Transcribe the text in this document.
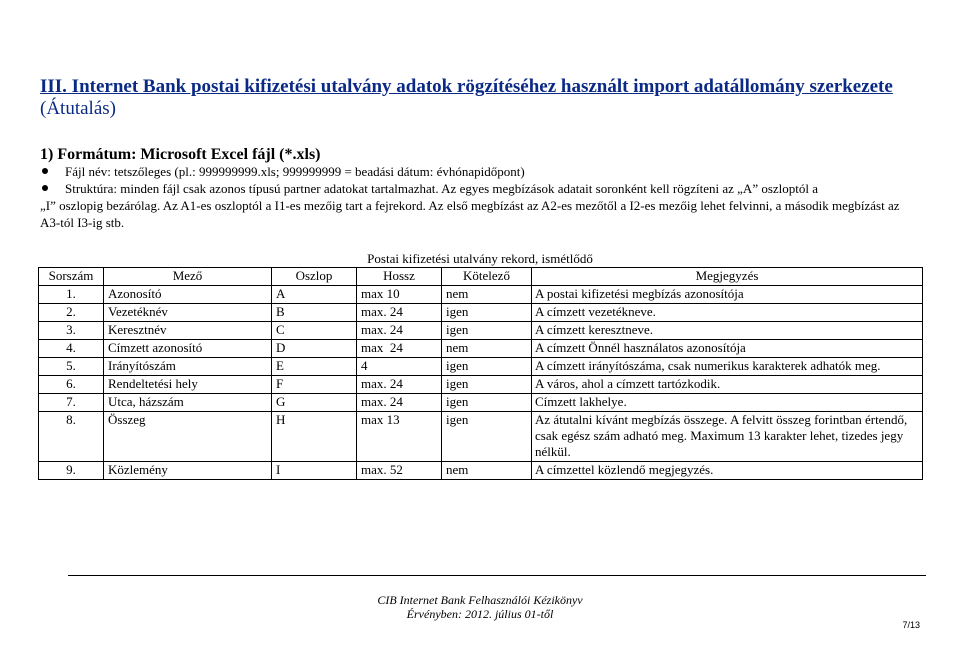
III. Internet Bank postai kifizetési utalvány adatok rögzítéséhez használt import adatállomány szerkezete
(Átutalás)
1) Formátum: Microsoft Excel fájl (*.xls)
Fájl név: tetszőleges (pl.: 999999999.xls; 999999999 = beadási dátum: évhónapidőpont)
Struktúra: minden fájl csak azonos típusú partner adatokat tartalmazhat. Az egyes megbízások adatait soronként kell rögzíteni az „A” oszloptól a
„I” oszlopig bezárólag. Az A1-es oszloptól a I1-es mezőig tart a fejrekord. Az első megbízást az A2-es mezőtől a I2-es mezőig lehet felvinni, a második megbízást az A3-tól I3-ig stb.
Postai kifizetési utalvány rekord, ismétlődő
Sorszám	Mező	Oszlop	Hossz	Kötelező	Megjegyzés
1.	Azonosító	A	max 10	nem	A postai kifizetési megbízás azonosítója
2.	Vezetéknév	B	max. 24	igen	A címzett vezetékneve.
3.	Keresztnév	C	max. 24	igen	A címzett keresztneve.
4.	Címzett azonosító	D	max  24	nem	A címzett Önnél használatos azonosítója
5.	Irányítószám	E	4	igen	A címzett irányítószáma, csak numerikus karakterek adhatók meg.
6.	Rendeltetési hely	F	max. 24	igen	A város, ahol a címzett tartózkodik.
7.	Utca, házszám	G	max. 24	igen	Címzett lakhelye.
8.	Összeg	H	max 13	igen	Az átutalni kívánt megbízás összege. A felvitt összeg forintban értendő, csak egész szám adható meg. Maximum 13 karakter lehet, tizedes jegy nélkül.
9.	Közlemény	I	max. 52	nem	A címzettel közlendő megjegyzés.
CIB Internet Bank Felhasználói Kézikönyv
Érvényben: 2012. július 01-től
7/13
